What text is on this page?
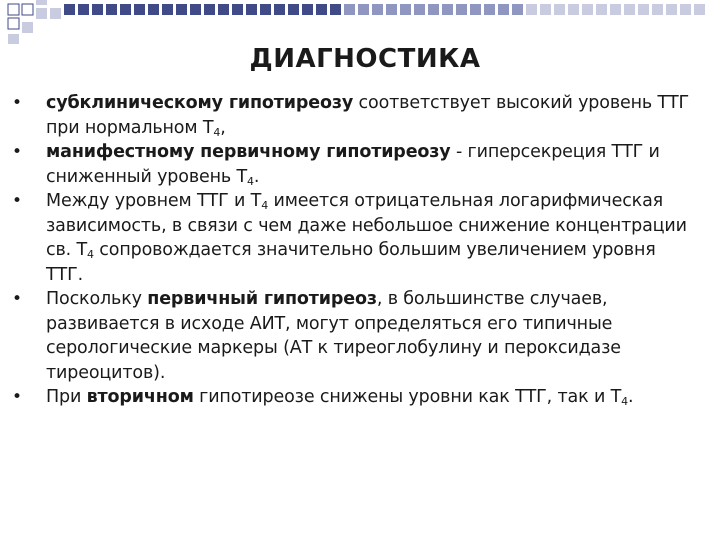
ДИАГНОСТИКА
• субклиническому гипотиреозу соответствует высокий уровень ТТГ при нормальном $Т_4$,
• манифестному первичному гипотиреозу - гиперсекреция ТТГ и сниженный уровень $Т_4$.
• Между уровнем ТТГ и $Т_4$ имеется отрицательная логарифмическая зависимость, в связи с чем даже небольшое снижение концентрации св. $Т_4$ сопровождается значительно большим увеличением уровня ТТГ.
• Поскольку первичный гипотиреоз, в большинстве случаев, развивается в исходе АИТ, могут определяться его типичные серологические маркеры (АТ к тиреоглобулину и пероксидазе тиреоцитов).
• При вторичном гипотиреозе снижены уровни как ТТГ, так и $Т_4$.
